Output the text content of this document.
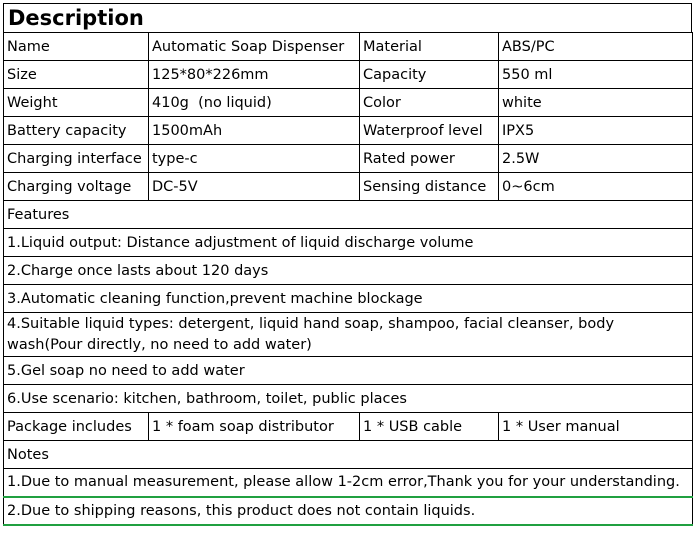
Description
Name	Automatic Soap Dispenser	Material	ABS/PC
Size	125*80*226mm	Capacity	550 ml
Weight	410g  (no liquid)	Color	white
Battery capacity	1500mAh	Waterproof level	IPX5
Charging interface	type-c	Rated power	2.5W
Charging voltage	DC-5V	Sensing distance	0~6cm
Features			
1.Liquid output: Distance adjustment of liquid discharge volume			
2.Charge once lasts about 120 days			
3.Automatic cleaning function,prevent machine blockage			
4.Suitable liquid types: detergent, liquid hand soap, shampoo, facial cleanser, body wash(Pour directly, no need to add water)			
5.Gel soap no need to add water			
6.Use scenario: kitchen, bathroom, toilet, public places			
Package includes	1 * foam soap distributor	1 * USB cable	1 * User manual
Notes			
1.Due to manual measurement, please allow 1-2cm error,Thank you for your understanding.			
2.Due to shipping reasons, this product does not contain liquids.			
